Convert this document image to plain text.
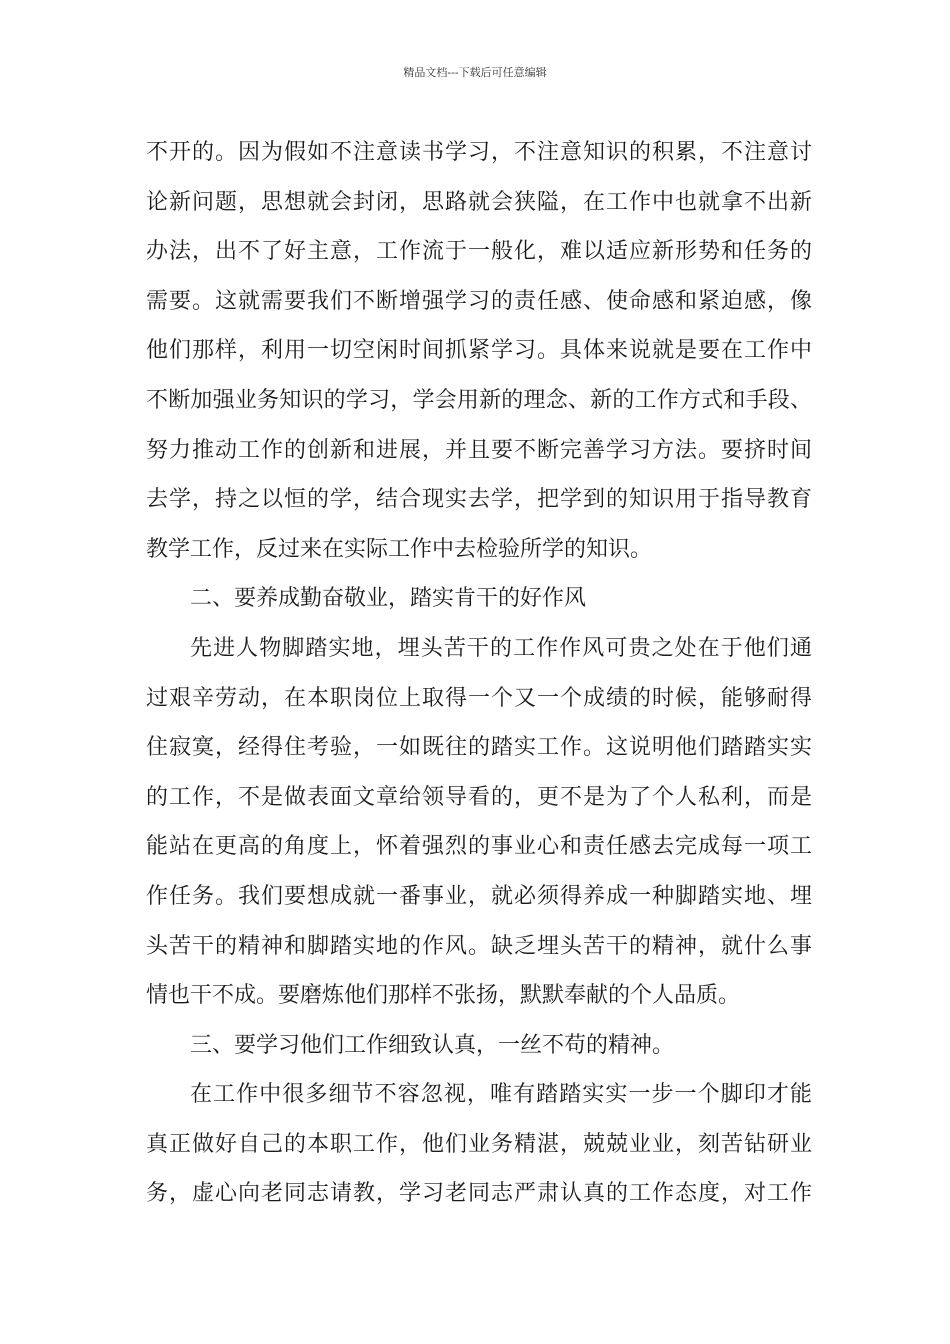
精品文档---下载后可任意编辑
不开的。因为假如不注意读书学习，不注意知识的积累，不注意讨
论新问题，思想就会封闭，思路就会狭隘，在工作中也就拿不出新
办法，出不了好主意，工作流于一般化，难以适应新形势和任务的
需要。这就需要我们不断增强学习的责任感、使命感和紧迫感，像
他们那样，利用一切空闲时间抓紧学习。具体来说就是要在工作中
不断加强业务知识的学习，学会用新的理念、新的工作方式和手段、
努力推动工作的创新和进展，并且要不断完善学习方法。要挤时间
去学，持之以恒的学，结合现实去学，把学到的知识用于指导教育
教学工作，反过来在实际工作中去检验所学的知识。
二、要养成勤奋敬业，踏实肯干的好作风
先进人物脚踏实地，埋头苦干的工作作风可贵之处在于他们通
过艰辛劳动，在本职岗位上取得一个又一个成绩的时候，能够耐得
住寂寞，经得住考验，一如既往的踏实工作。这说明他们踏踏实实
的工作，不是做表面文章给领导看的，更不是为了个人私利，而是
能站在更高的角度上，怀着强烈的事业心和责任感去完成每一项工
作任务。我们要想成就一番事业，就必须得养成一种脚踏实地、埋
头苦干的精神和脚踏实地的作风。缺乏埋头苦干的精神，就什么事
情也干不成。要磨炼他们那样不张扬，默默奉献的个人品质。
三、要学习他们工作细致认真，一丝不苟的精神。
在工作中很多细节不容忽视，唯有踏踏实实一步一个脚印才能
真正做好自己的本职工作，他们业务精湛，兢兢业业，刻苦钻研业
务，虚心向老同志请教，学习老同志严肃认真的工作态度，对工作
